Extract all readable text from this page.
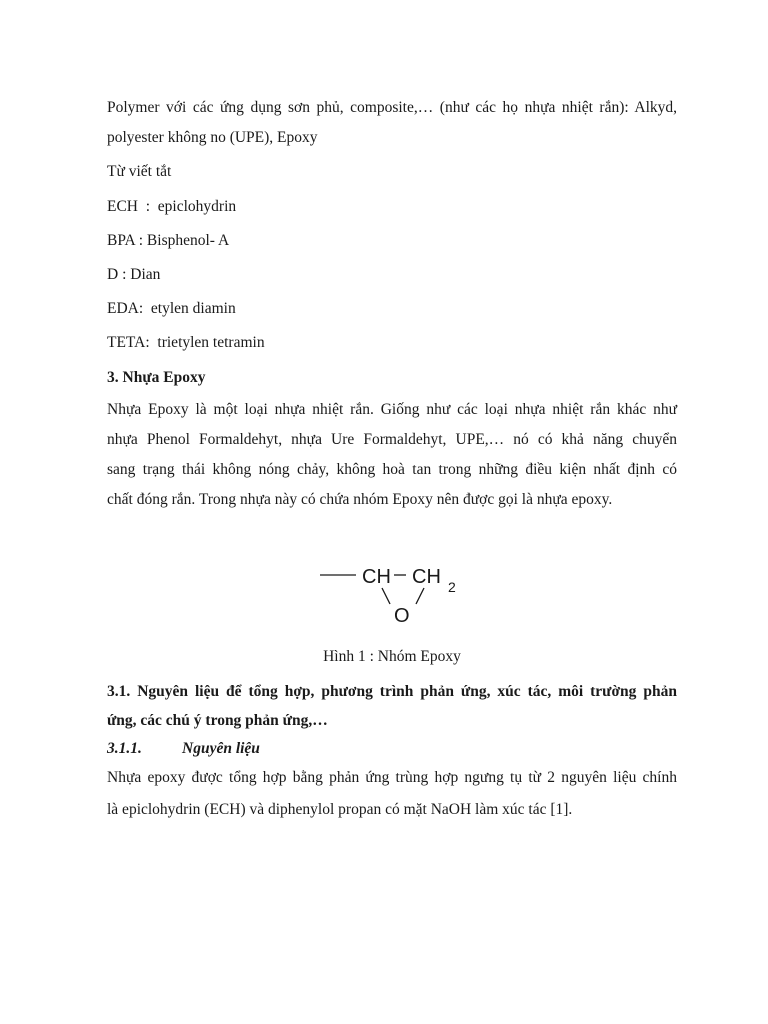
Polymer với các ứng dụng sơn phủ, composite,… (như các họ nhựa nhiệt rắn): Alkyd,
polyester không no (UPE), Epoxy
Từ viết tắt
ECH  :  epiclohydrin
BPA : Bisphenol- A
D : Dian
EDA:  etylen diamin
TETA:  trietylen tetramin
3. Nhựa Epoxy
Nhựa Epoxy là một loại nhựa nhiệt rắn. Giống như các loại nhựa nhiệt rắn khác như
nhựa Phenol Formaldehyt, nhựa Ure Formaldehyt, UPE,… nó có khả năng chuyển
sang trạng thái không nóng chảy, không hoà tan trong những điều kiện nhất định có
chất đóng rắn. Trong nhựa này có chứa nhóm Epoxy nên được gọi là nhựa epoxy.
CH CH 2
O
Hình 1 : Nhóm Epoxy
3.1. Nguyên liệu để tổng hợp, phương trình phản ứng, xúc tác, môi trường phản
ứng, các chú ý trong phản ứng,…
3.1.1.	Nguyên liệu
Nhựa epoxy được tổng hợp bằng phản ứng trùng hợp ngưng tụ từ 2 nguyên liệu chính
là epiclohydrin (ECH) và diphenylol propan có mặt NaOH làm xúc tác [1].
